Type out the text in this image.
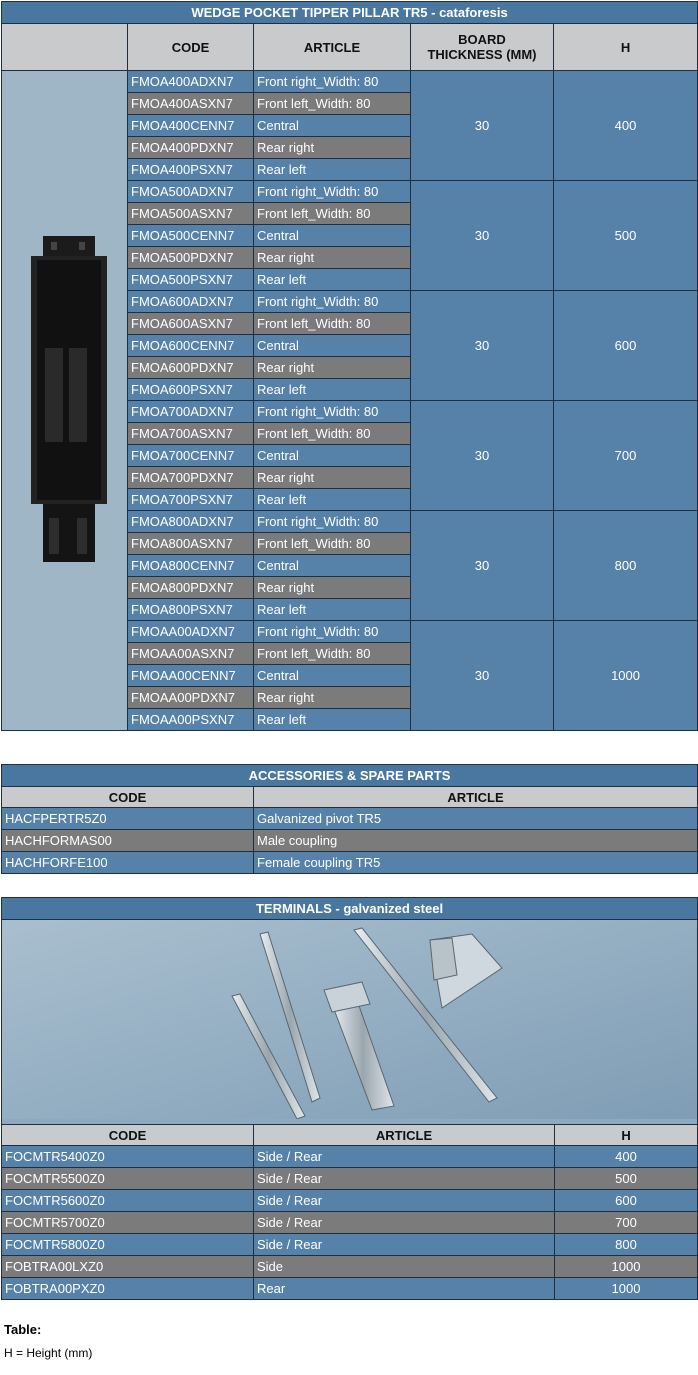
WEDGE POCKET TIPPER PILLAR TR5 - cataforesis				
	CODE	ARTICLE	BOARD THICKNESS (MM)	H
	FMOA400ADXN7	Front right_Width: 80	30	400
	FMOA400ASXN7	Front left_Width: 80		
	FMOA400CENN7	Central		
	FMOA400PDXN7	Rear right		
	FMOA400PSXN7	Rear left		
	FMOA500ADXN7	Front right_Width: 80	30	500
	FMOA500ASXN7	Front left_Width: 80		
	FMOA500CENN7	Central		
	FMOA500PDXN7	Rear right		
	FMOA500PSXN7	Rear left		
	FMOA600ADXN7	Front right_Width: 80	30	600
	FMOA600ASXN7	Front left_Width: 80		
	FMOA600CENN7	Central		
	FMOA600PDXN7	Rear right		
	FMOA600PSXN7	Rear left		
	FMOA700ADXN7	Front right_Width: 80	30	700
	FMOA700ASXN7	Front left_Width: 80		
	FMOA700CENN7	Central		
	FMOA700PDXN7	Rear right		
	FMOA700PSXN7	Rear left		
	FMOA800ADXN7	Front right_Width: 80	30	800
	FMOA800ASXN7	Front left_Width: 80		
	FMOA800CENN7	Central		
	FMOA800PDXN7	Rear right		
	FMOA800PSXN7	Rear left		
	FMOAA00ADXN7	Front right_Width: 80	30	1000
	FMOAA00ASXN7	Front left_Width: 80		
	FMOAA00CENN7	Central		
	FMOAA00PDXN7	Rear right		
	FMOAA00PSXN7	Rear left		
ACCESSORIES & SPARE PARTS	
CODE	ARTICLE
HACFPERTR5Z0	Galvanized pivot TR5
HACHFORMAS00	Male coupling
HACHFORFE100	Female coupling TR5
TERMINALS - galvanized steel		

CODE	ARTICLE	H
FOCMTR5400Z0	Side / Rear	400
FOCMTR5500Z0	Side / Rear	500
FOCMTR5600Z0	Side / Rear	600
FOCMTR5700Z0	Side / Rear	700
FOCMTR5800Z0	Side / Rear	800
FOBTRA00LXZ0	Side	1000
FOBTRA00PXZ0	Rear	1000
Table:
H = Height (mm)
